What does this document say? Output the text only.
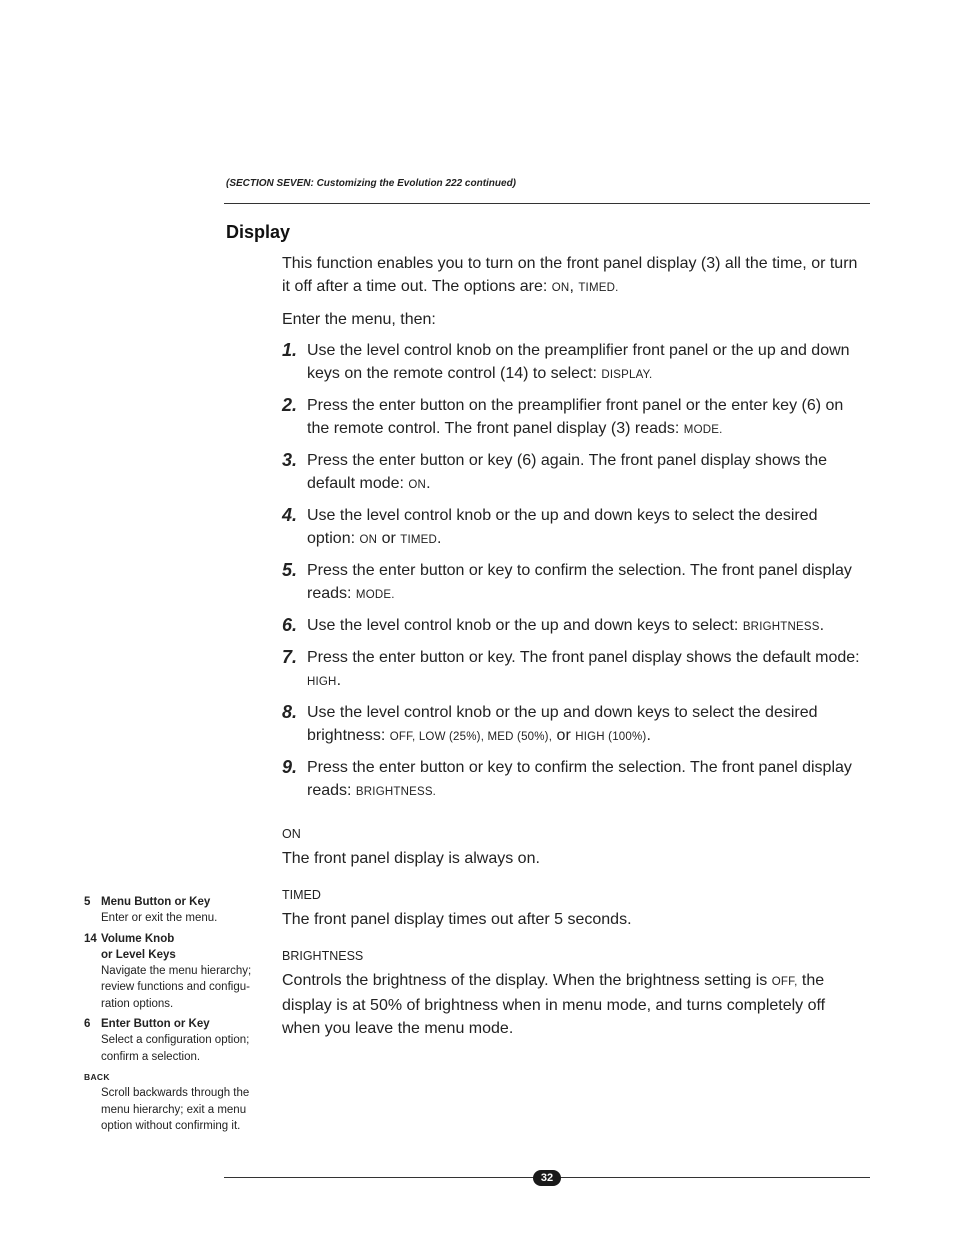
(SECTION SEVEN: Customizing the Evolution 222 continued)
Display

This function enables you to turn on the front panel display (3) all the time, or turn it off after a time out. The options are: ON, TIMED.

Enter the menu, then:

1. Use the level control knob on the preamplifier front panel or the up and down keys on the remote control (14) to select: DISPLAY.
2. Press the enter button on the preamplifier front panel or the enter key (6) on the remote control. The front panel display (3) reads: MODE.
3. Press the enter button or key (6) again. The front panel display shows the default mode: ON.
4. Use the level control knob or the up and down keys to select the desired option: ON or TIMED.
5. Press the enter button or key to confirm the selection. The front panel display reads: MODE.
6. Use the level control knob or the up and down keys to select: BRIGHTNESS.
7. Press the enter button or key. The front panel display shows the default mode: HIGH.
8. Use the level control knob or the up and down keys to select the desired brightness: OFF, LOW (25%), MED (50%), or HIGH (100%).
9. Press the enter button or key to confirm the selection. The front panel display reads: BRIGHTNESS.
ON

The front panel display is always on.

TIMED

The front panel display times out after 5 seconds.

BRIGHTNESS

Controls the brightness of the display. When the brightness setting is OFF, the display is at 50% of brightness when in menu mode, and turns completely off when you leave the menu mode.

5 Menu Button or Key
Enter or exit the menu.
14 Volume Knob
or Level Keys
Navigate the menu hierarchy; review functions and configu-ration options.
6 Enter Button or Key
Select a configuration option; confirm a selection.
BACK
Scroll backwards through the menu hierarchy; exit a menu option without confirming it.
32
